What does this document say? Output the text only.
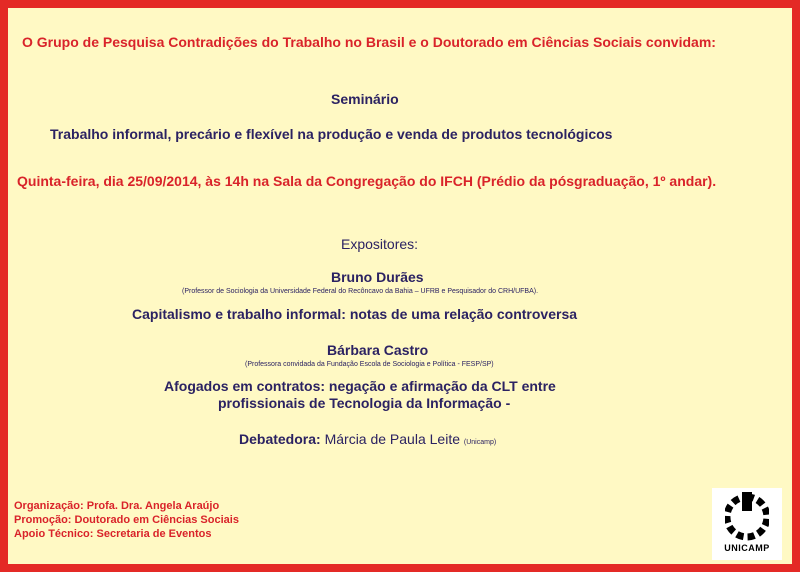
O Grupo de Pesquisa Contradições do Trabalho no Brasil e o Doutorado em Ciências Sociais convidam:
Seminário
Trabalho informal, precário e flexível na produção e venda de produtos tecnológicos
Quinta-feira, dia 25/09/2014, às 14h na Sala da Congregação do IFCH (Prédio da pósgraduação, 1º andar).
Expositores:
Bruno Durães
(Professor de Sociologia da Universidade Federal do Recôncavo da Bahia – UFRB e Pesquisador do CRH/UFBA).
Capitalismo e trabalho informal: notas de uma relação controversa
Bárbara Castro
(Professora convidada da Fundação Escola de Sociologia e Política - FESP/SP)
Afogados em contratos: negação e afirmação da CLT entre
profissionais de Tecnologia da Informação -
Debatedora: Márcia de Paula Leite (Unicamp)
Organização: Profa. Dra. Angela Araújo
Promoção: Doutorado em Ciências Sociais
Apoio Técnico: Secretaria de Eventos
UNICAMP
